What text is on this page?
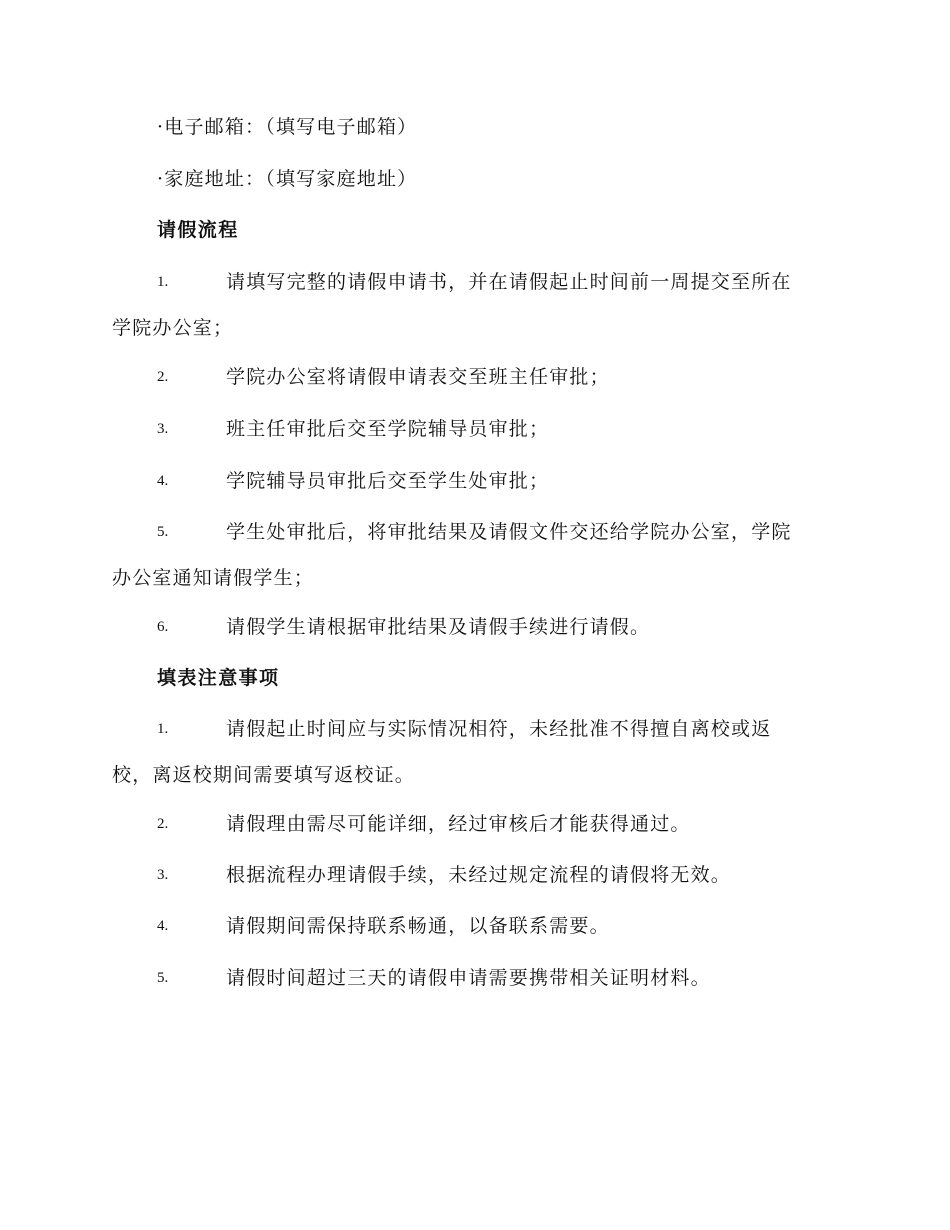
·电子邮箱：（填写电子邮箱）
·家庭地址：（填写家庭地址）
请假流程
1.	请填写完整的请假申请书，并在请假起止时间前一周提交至所在
学院办公室；
2.	学院办公室将请假申请表交至班主任审批；
3.	班主任审批后交至学院辅导员审批；
4.	学院辅导员审批后交至学生处审批；
5.	学生处审批后，将审批结果及请假文件交还给学院办公室，学院
办公室通知请假学生；
6.	请假学生请根据审批结果及请假手续进行请假。
填表注意事项
1.	请假起止时间应与实际情况相符，未经批准不得擅自离校或返
校，离返校期间需要填写返校证。
2.	请假理由需尽可能详细，经过审核后才能获得通过。
3.	根据流程办理请假手续，未经过规定流程的请假将无效。
4.	请假期间需保持联系畅通，以备联系需要。
5.	请假时间超过三天的请假申请需要携带相关证明材料。
